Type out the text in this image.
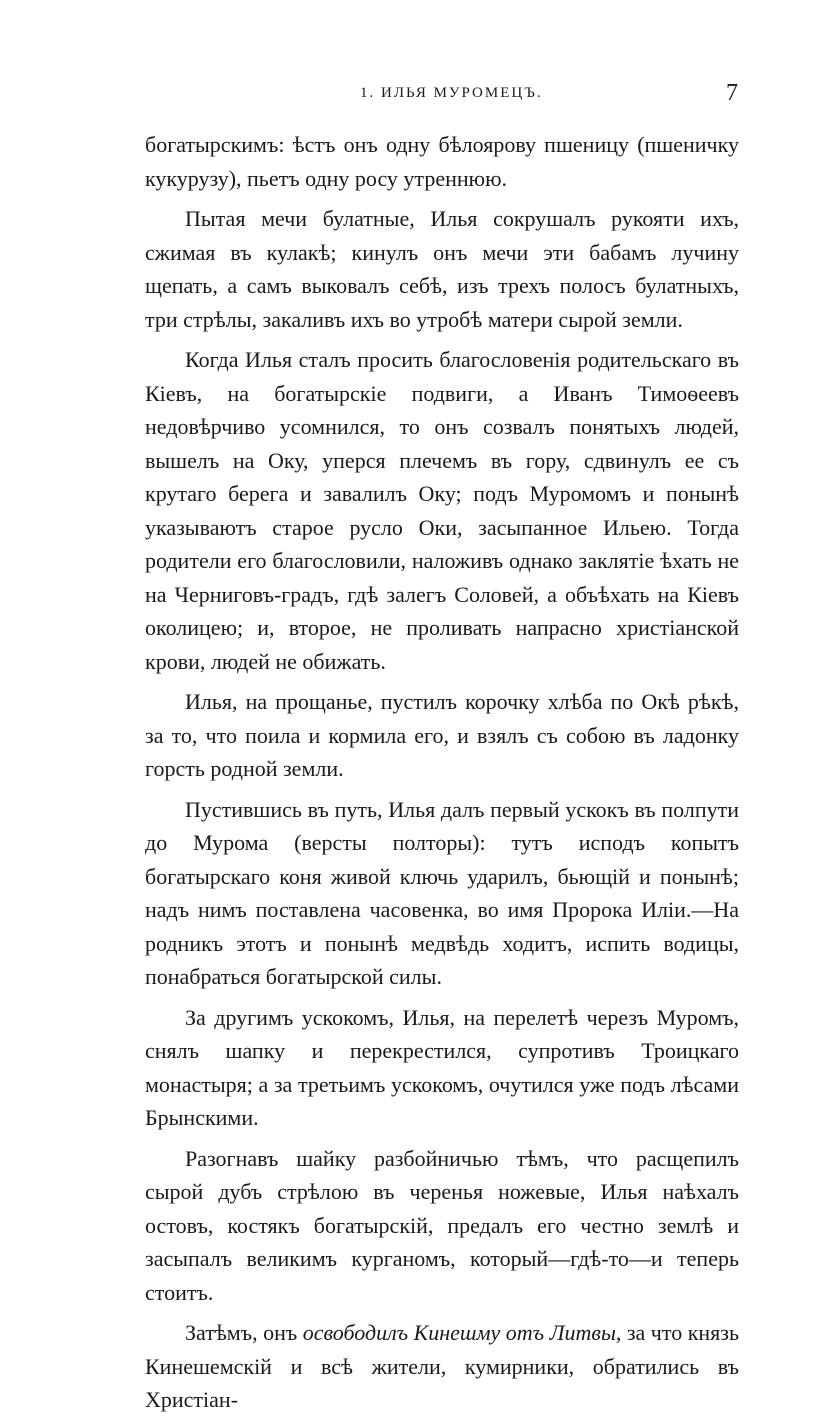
1. ИЛЬЯ МУРОМЕЦЪ.	7

богатырскимъ: ѣстъ онъ одну бѣлоярову пшеницу (пшеничку кукурузу), пьетъ одну росу утреннюю.

Пытая мечи булатные, Илья сокрушалъ рукояти ихъ, сжимая въ кулакѣ; кинулъ онъ мечи эти бабамъ лучину щепать, а самъ выковалъ себѣ, изъ трехъ полосъ булатныхъ, три стрѣлы, закаливъ ихъ во утробѣ матери сырой земли.

Когда Илья сталъ просить благословенія родительскаго въ Кіевъ, на богатырскіе подвиги, а Иванъ Тимоѳеевъ недовѣрчиво усомнился, то онъ созвалъ понятыхъ людей, вышелъ на Оку, уперся плечемъ въ гору, сдвинулъ ее съ крутаго берега и завалилъ Оку; подъ Муромомъ и понынѣ указываютъ старое русло Оки, засыпанное Ильею. Тогда родители его благословили, наложивъ однако заклятіе ѣхать не на Черниговъ-градъ, гдѣ залегъ Соловей, а объѣхать на Кіевъ околицею; и, второе, не проливать напрасно христіанской крови, людей не обижать.

Илья, на прощанье, пустилъ корочку хлѣба по Окѣ рѣкѣ, за то, что поила и кормила его, и взялъ съ собою въ ладонку горсть родной земли.

Пустившись въ путь, Илья далъ первый ускокъ въ полпути до Мурома (версты полторы): тутъ исподъ копытъ богатырскаго коня живой ключь ударилъ, бьющій и понынѣ; надъ нимъ поставлена часовенка, во имя Пророка Иліи.—На родникъ этотъ и понынѣ медвѣдь ходитъ, испить водицы, понабраться богатырской силы.

За другимъ ускокомъ, Илья, на перелетѣ черезъ Муромъ, снялъ шапку и перекрестился, супротивъ Троицкаго монастыря; а за третьимъ ускокомъ, очутился уже подъ лѣсами Брынскими.

Разогнавъ шайку разбойничью тѣмъ, что расщепилъ сырой дубъ стрѣлою въ черенья ножевые, Илья наѣхалъ остовъ, костякъ богатырскій, предалъ его честно землѣ и засыпалъ великимъ курганомъ, который—гдѣ-то—и теперь стоитъ.

Затѣмъ, онъ освободилъ Кинешму отъ Литвы, за что князь Кинешемскій и всѣ жители, кумирники, обратились въ Христіан-
